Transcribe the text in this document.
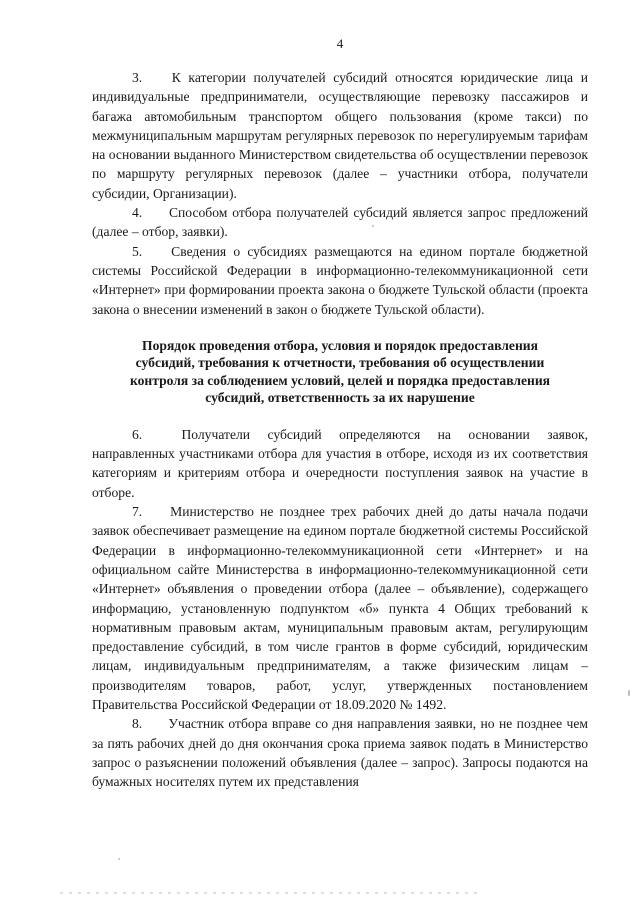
4

3. К категории получателей субсидий относятся юридические лица и индивидуальные предприниматели, осуществляющие перевозку пассажиров и багажа автомобильным транспортом общего пользования (кроме такси) по межмуниципальным маршрутам регулярных перевозок по нерегулируемым тарифам на основании выданного Министерством свидетельства об осуществлении перевозок по маршруту регулярных перевозок (далее – участники отбора, получатели субсидии, Организации).

4. Способом отбора получателей субсидий является запрос предложений (далее – отбор, заявки).

5. Сведения о субсидиях размещаются на едином портале бюджетной системы Российской Федерации в информационно-телекоммуникационной сети «Интернет» при формировании проекта закона о бюджете Тульской области (проекта закона о внесении изменений в закон о бюджете Тульской области).

Порядок проведения отбора, условия и порядок предоставления
субсидий, требования к отчетности, требования об осуществлении
контроля за соблюдением условий, целей и порядка предоставления
субсидий, ответственность за их нарушение

6.	Получатели субсидий определяются на основании заявок, направленных участниками отбора для участия в отборе, исходя из их соответствия категориям и критериям отбора и очередности поступления заявок на участие в отборе.

7. Министерство не позднее трех рабочих дней до даты начала подачи заявок обеспечивает размещение на едином портале бюджетной системы Российской Федерации в информационно-телекоммуникационной сети «Интернет» и на официальном сайте Министерства в информационно-телекоммуникационной сети «Интернет» объявления о проведении отбора (далее – объявление), содержащего информацию, установленную подпунктом «б» пункта 4 Общих требований к нормативным правовым актам, муниципальным правовым актам, регулирующим предоставление субсидий, в том числе грантов в форме субсидий, юридическим лицам, индивидуальным предпринимателям, а также физическим лицам – производителям товаров, работ, услуг, утвержденных постановлением Правительства Российской Федерации от 18.09.2020 № 1492.

8. Участник отбора вправе со дня направления заявки, но не позднее чем за пять рабочих дней до дня окончания срока приема заявок подать в Министерство запрос о разъяснении положений объявления (далее – запрос). Запросы подаются на бумажных носителях путем их представления
